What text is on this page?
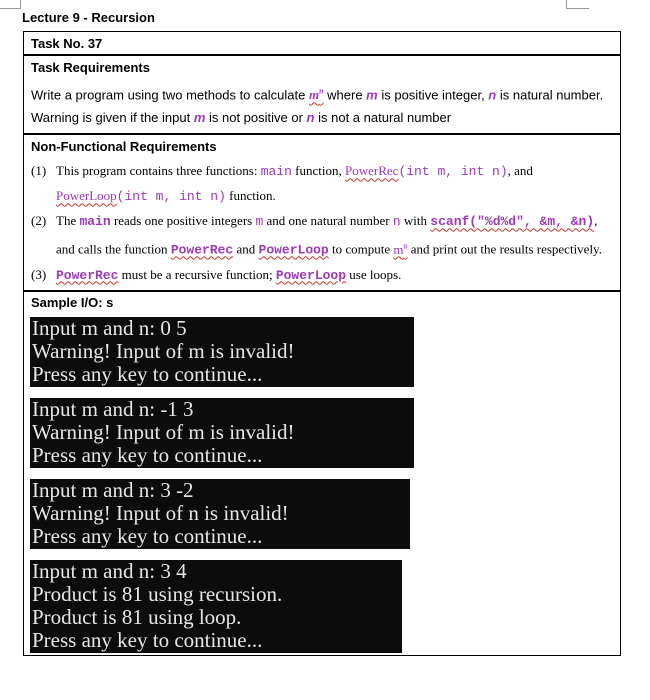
Lecture 9 - Recursion
Task No. 37
Task Requirements
Write a program using two methods to calculate $m^n$ where m is positive integer, n is natural number. Warning is given if the input m is not positive or n is not a natural number
Non-Functional Requirements
(1) This program contains three functions: main function, PowerRec(int m, int n), and PowerLoop(int m, int n) function.
(2) The main reads one positive integers m and one natural number n with scanf("%d%d", &m, &n), and calls the function PowerRec and PowerLoop to compute $m^n$ and print out the results respectively.
(3) PowerRec must be a recursive function; PowerLoop use loops.
Sample I/O: s
Input m and n: 0 5
Warning! Input of m is invalid!
Press any key to continue...
Input m and n: -1 3
Warning! Input of m is invalid!
Press any key to continue...
Input m and n: 3 -2
Warning! Input of n is invalid!
Press any key to continue...
Input m and n: 3 4
Product is 81 using recursion.
Product is 81 using loop.
Press any key to continue...
